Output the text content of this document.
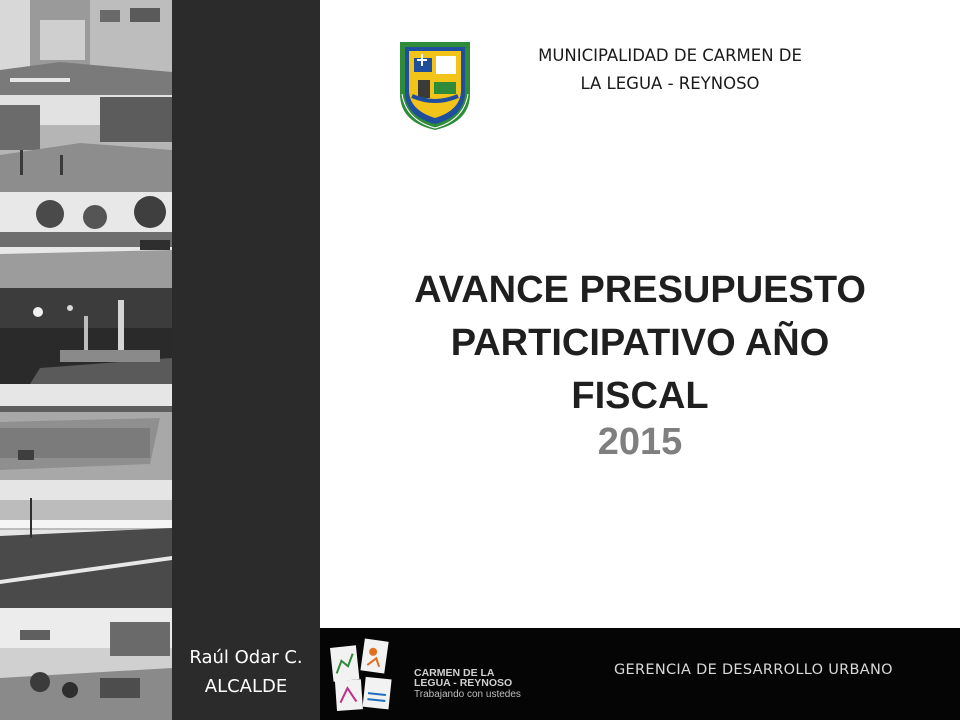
Raúl Odar C.
ALCALDE
MUNICIPALIDAD DE CARMEN DE
LA LEGUA - REYNOSO
AVANCE PRESUPUESTO
PARTICIPATIVO AÑO
FISCAL
2015
CARMEN DE LA
LEGUA - REYNOSO
Trabajando con ustedes
GERENCIA DE DESARROLLO URBANO
